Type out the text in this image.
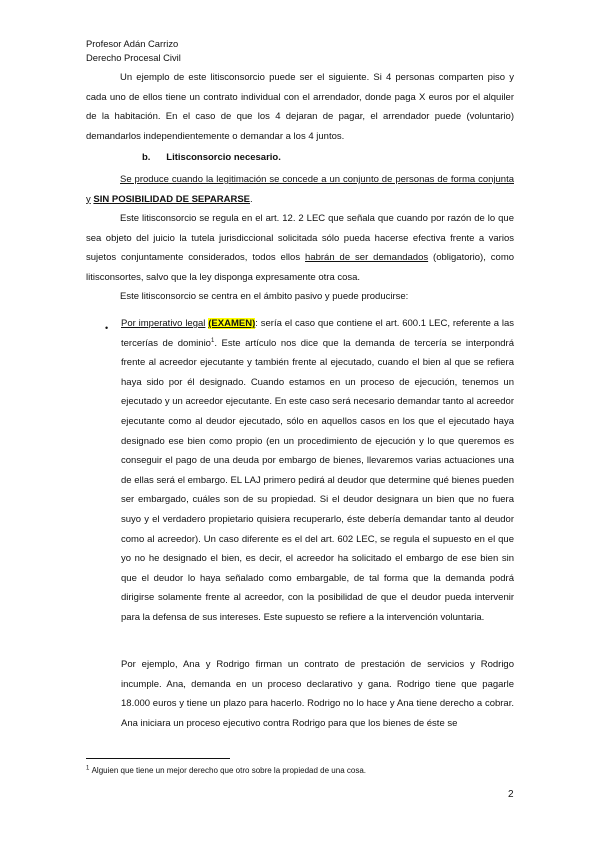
Profesor Adán Carrizo
Derecho Procesal Civil
Un ejemplo de este litisconsorcio puede ser el siguiente. Si 4 personas comparten piso y cada uno de ellos tiene un contrato individual con el arrendador, donde paga X euros por el alquiler de la habitación. En el caso de que los 4 dejaran de pagar, el arrendador puede (voluntario) demandarlos independientemente o demandar a los 4 juntos.
b. Litisconsorcio necesario.
Se produce cuando la legitimación se concede a un conjunto de personas de forma conjunta y SIN POSIBILIDAD DE SEPARARSE.
Este litisconsorcio se regula en el art. 12. 2 LEC que señala que cuando por razón de lo que sea objeto del juicio la tutela jurisdiccional solicitada sólo pueda hacerse efectiva frente a varios sujetos conjuntamente considerados, todos ellos habrán de ser demandados (obligatorio), como litisconsortes, salvo que la ley disponga expresamente otra cosa.
Este litisconsorcio se centra en el ámbito pasivo y puede producirse:
• Por imperativo legal (EXAMEN): sería el caso que contiene el art. 600.1 LEC, referente a las tercerías de dominio$^1$. Este artículo nos dice que la demanda de tercería se interpondrá frente al acreedor ejecutante y también frente al ejecutado, cuando el bien al que se refiera haya sido por él designado. Cuando estamos en un proceso de ejecución, tenemos un ejecutado y un acreedor ejecutante. En este caso será necesario demandar tanto al acreedor ejecutante como al deudor ejecutado, sólo en aquellos casos en los que el ejecutado haya designado ese bien como propio (en un procedimiento de ejecución y lo que queremos es conseguir el pago de una deuda por embargo de bienes, llevaremos varias actuaciones una de ellas será el embargo. EL LAJ primero pedirá al deudor que determine qué bienes pueden ser embargado, cuáles son de su propiedad. Si el deudor designara un bien que no fuera suyo y el verdadero propietario quisiera recuperarlo, éste debería demandar tanto al deudor como al acreedor). Un caso diferente es el del art. 602 LEC, se regula el supuesto en el que yo no he designado el bien, es decir, el acreedor ha solicitado el embargo de ese bien sin que el deudor lo haya señalado como embargable, de tal forma que la demanda podrá dirigirse solamente frente al acreedor, con la posibilidad de que el deudor pueda intervenir para la defensa de sus intereses. Este supuesto se refiere a la intervención voluntaria.
Por ejemplo, Ana y Rodrigo firman un contrato de prestación de servicios y Rodrigo incumple. Ana, demanda en un proceso declarativo y gana. Rodrigo tiene que pagarle 18.000 euros y tiene un plazo para hacerlo. Rodrigo no lo hace y Ana tiene derecho a cobrar. Ana iniciara un proceso ejecutivo contra Rodrigo para que los bienes de éste se
$^1$ Alguien que tiene un mejor derecho que otro sobre la propiedad de una cosa.
2
